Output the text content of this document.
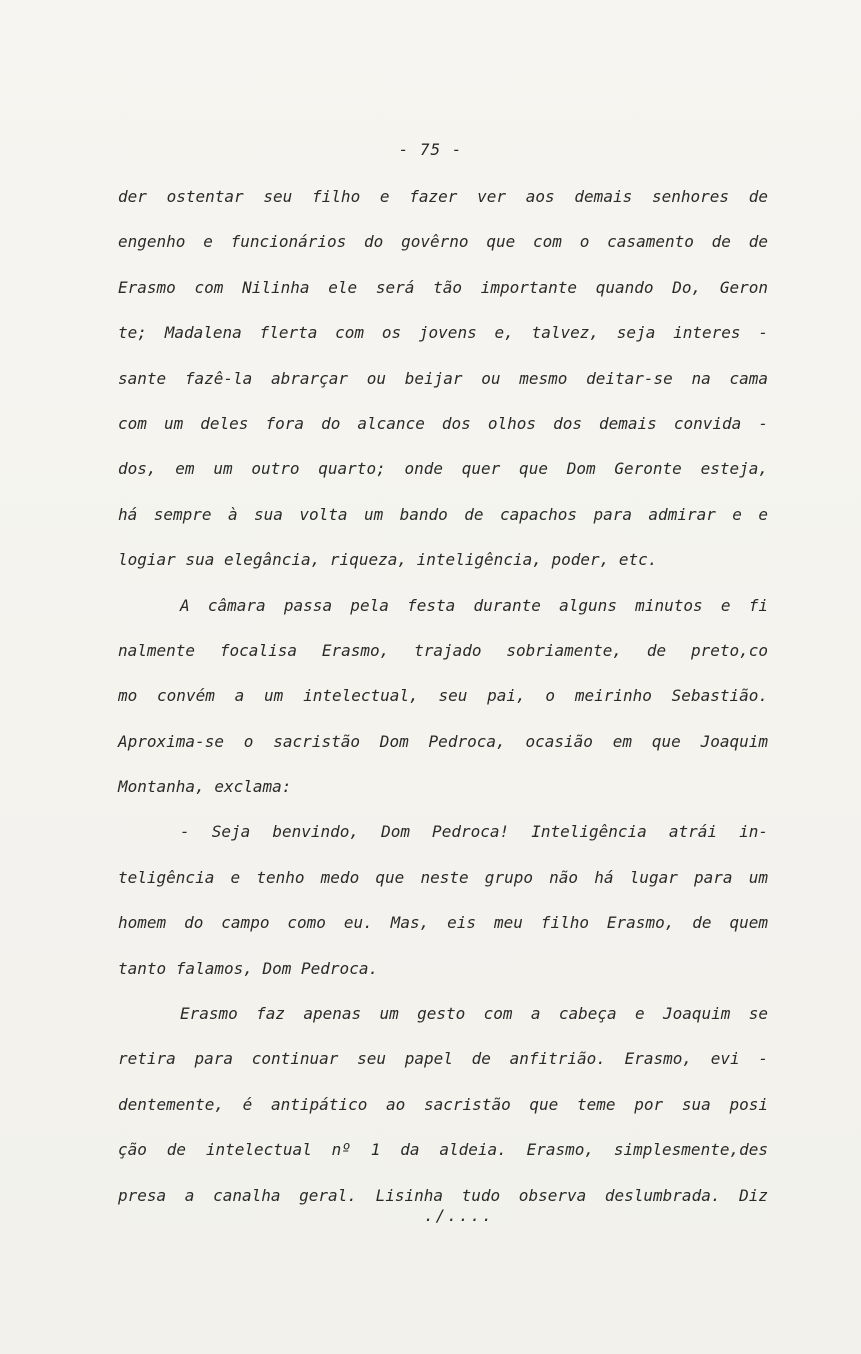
- 75 -
der ostentar seu filho e fazer ver aos demais senhores de
engenho e funcionários do govêrno que com o casamento de de
Erasmo com Nilinha ele será tão importante quando Do, Geron
te; Madalena flerta com os jovens e, talvez, seja interes -
sante fazê-la abrarçar ou beijar ou mesmo deitar-se na cama
com um deles fora do alcance dos olhos dos demais convida -
dos, em um outro quarto; onde quer que Dom Geronte esteja,
há sempre à sua volta um bando de capachos para admirar e e
logiar sua elegância, riqueza, inteligência, poder, etc.
A câmara passa pela festa durante alguns minutos e fi
nalmente focalisa Erasmo, trajado sobriamente, de preto,co
mo convém a um intelectual, seu pai, o meirinho Sebastião.
Aproxima-se o sacristão Dom Pedroca, ocasião em que Joaquim
Montanha, exclama:
- Seja benvindo, Dom Pedroca! Inteligência atrái in-
teligência e tenho medo que neste grupo não há lugar para um
homem do campo como eu. Mas, eis meu filho Erasmo, de quem
tanto falamos, Dom Pedroca.
Erasmo faz apenas um gesto com a cabeça e Joaquim se
retira para continuar seu papel de anfitrião. Erasmo, evi -
dentemente, é antipático ao sacristão que teme por sua posi
ção de intelectual nº 1 da aldeia. Erasmo, simplesmente,des
presa a canalha geral. Lisinha tudo observa deslumbrada. Diz
./....
